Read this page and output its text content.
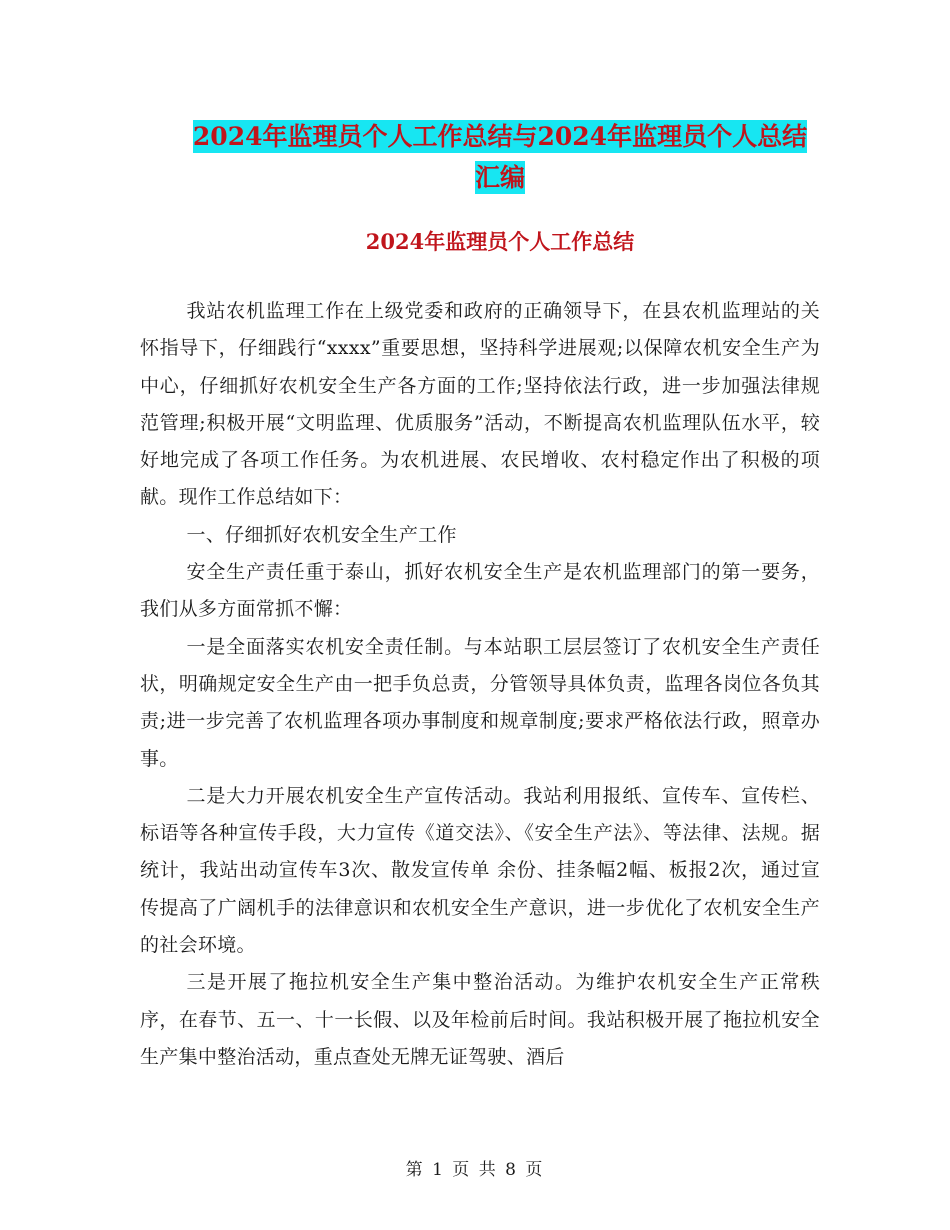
2024年监理员个人工作总结与2024年监理员个人总结
汇编
2024年监理员个人工作总结

我站农机监理工作在上级党委和政府的正确领导下，在县农机监理站的关怀指导下，仔细践行“xxxx”重要思想，坚持科学进展观;以保障农机安全生产为中心，仔细抓好农机安全生产各方面的工作;坚持依法行政，进一步加强法律规范管理;积极开展“文明监理、优质服务”活动，不断提高农机监理队伍水平，较好地完成了各项工作任务。为农机进展、农民增收、农村稳定作出了积极的项献。现作工作总结如下：

一、仔细抓好农机安全生产工作

安全生产责任重于泰山，抓好农机安全生产是农机监理部门的第一要务，我们从多方面常抓不懈：

一是全面落实农机安全责任制。与本站职工层层签订了农机安全生产责任状，明确规定安全生产由一把手负总责，分管领导具体负责，监理各岗位各负其责;进一步完善了农机监理各项办事制度和规章制度;要求严格依法行政，照章办事。

二是大力开展农机安全生产宣传活动。我站利用报纸、宣传车、宣传栏、标语等各种宣传手段，大力宣传《道交法》、《安全生产法》、等法律、法规。据统计，我站出动宣传车3次、散发宣传单 余份、挂条幅2幅、板报2次，通过宣传提高了广阔机手的法律意识和农机安全生产意识，进一步优化了农机安全生产的社会环境。

三是开展了拖拉机安全生产集中整治活动。为维护农机安全生产正常秩序，在春节、五一、十一长假、以及年检前后时间。我站积极开展了拖拉机安全生产集中整治活动，重点查处无牌无证驾驶、酒后

第 1 页 共 8 页
